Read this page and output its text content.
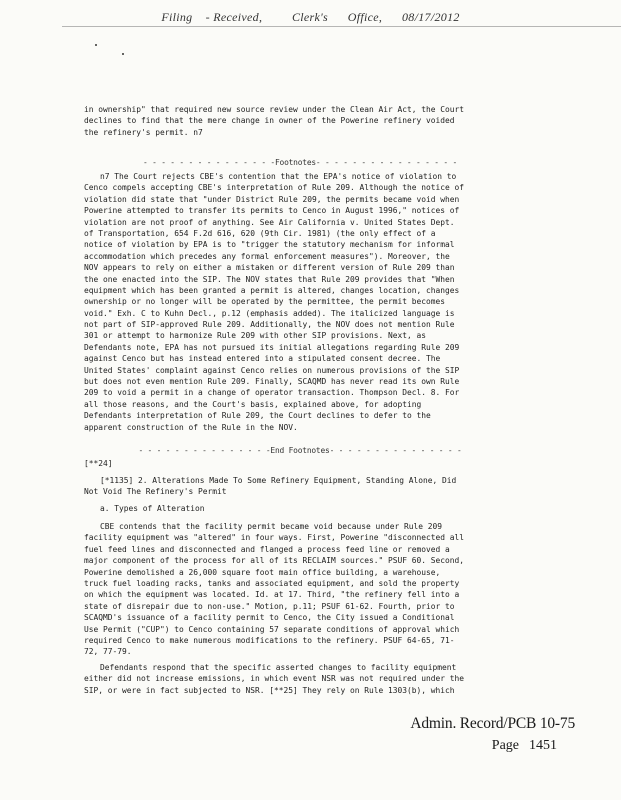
Filing - Received, Clerk's Office, 08/17/2012
in ownership" that required new source review under the Clean Air Act, the Court
declines to find that the mere change in owner of the Powerine refinery voided
the refinery's permit. n7
- - - - - - - - - - - - - - -Footnotes- - - - - - - - - - - - - - - -
n7 The Court rejects CBE's contention that the EPA's notice of violation to
Cenco compels accepting CBE's interpretation of Rule 209. Although the notice of
violation did state that "under District Rule 209, the permits became void when
Powerine attempted to transfer its permits to Cenco in August 1996," notices of
violation are not proof of anything. See Air California v. United States Dept.
of Transportation, 654 F.2d 616, 620 (9th Cir. 1981) (the only effect of a
notice of violation by EPA is to "trigger the statutory mechanism for informal
accommodation which precedes any formal enforcement measures"). Moreover, the
NOV appears to rely on either a mistaken or different version of Rule 209 than
the one enacted into the SIP. The NOV states that Rule 209 provides that "When
equipment which has been granted a permit is altered, changes location, changes
ownership or no longer will be operated by the permittee, the permit becomes
void." Exh. C to Kuhn Decl., p.12 (emphasis added). The italicized language is
not part of SIP-approved Rule 209. Additionally, the NOV does not mention Rule
301 or attempt to harmonize Rule 209 with other SIP provisions. Next, as
Defendants note, EPA has not pursued its initial allegations regarding Rule 209
against Cenco but has instead entered into a stipulated consent decree. The
United States' complaint against Cenco relies on numerous provisions of the SIP
but does not even mention Rule 209. Finally, SCAQMD has never read its own Rule
209 to void a permit in a change of operator transaction. Thompson Decl. 8. For
all those reasons, and the Court's basis, explained above, for adopting
Defendants interpretation of Rule 209, the Court declines to defer to the
apparent construction of the Rule in the NOV.
- - - - - - - - - - - - - - -End Footnotes- - - - - - - - - - - - - - -
[**24]
[*1135] 2. Alterations Made To Some Refinery Equipment, Standing Alone, Did
Not Void The Refinery's Permit
a. Types of Alteration
CBE contends that the facility permit became void because under Rule 209
facility equipment was "altered" in four ways. First, Powerine "disconnected all
fuel feed lines and disconnected and flanged a process feed line or removed a
major component of the process for all of its RECLAIM sources." PSUF 60. Second,
Powerine demolished a 26,000 square foot main office building, a warehouse,
truck fuel loading racks, tanks and associated equipment, and sold the property
on which the equipment was located. Id. at 17. Third, "the refinery fell into a
state of disrepair due to non-use." Motion, p.11; PSUF 61-62. Fourth, prior to
SCAQMD's issuance of a facility permit to Cenco, the City issued a Conditional
Use Permit ("CUP") to Cenco containing 57 separate conditions of approval which
required Cenco to make numerous modifications to the refinery. PSUF 64-65, 71-
72, 77-79.
Defendants respond that the specific asserted changes to facility equipment
either did not increase emissions, in which event NSR was not required under the
SIP, or were in fact subjected to NSR. [**25] They rely on Rule 1303(b), which
Admin. Record/PCB 10-75
Page 1451
